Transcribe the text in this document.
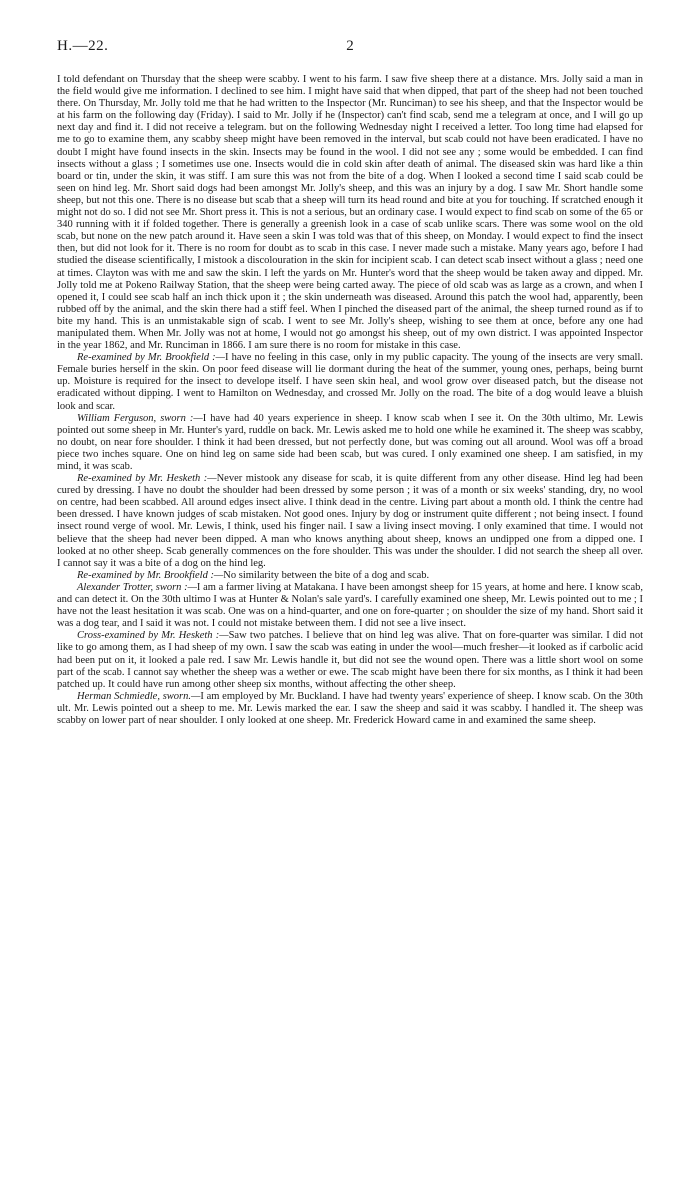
H.—22.	2

I told defendant on Thursday that the sheep were scabby. I went to his farm. I saw five sheep there at a distance. Mrs. Jolly said a man in the field would give me information. I declined to see him. I might have said that when dipped, that part of the sheep had not been touched there. On Thursday, Mr. Jolly told me that he had written to the Inspector (Mr. Runciman) to see his sheep, and that the Inspector would be at his farm on the following day (Friday). I said to Mr. Jolly if he (Inspector) can't find scab, send me a telegram at once, and I will go up next day and find it. I did not receive a telegram. but on the following Wednesday night I received a letter. Too long time had elapsed for me to go to examine them, any scabby sheep might have been removed in the interval, but scab could not have been eradicated. I have no doubt I might have found insects in the skin. Insects may be found in the wool. I did not see any ; some would be embedded. I can find insects without a glass ; I sometimes use one. Insects would die in cold skin after death of animal. The diseased skin was hard like a thin board or tin, under the skin, it was stiff. I am sure this was not from the bite of a dog. When I looked a second time I said scab could be seen on hind leg. Mr. Short said dogs had been amongst Mr. Jolly's sheep, and this was an injury by a dog. I saw Mr. Short handle some sheep, but not this one. There is no disease but scab that a sheep will turn its head round and bite at you for touching. If scratched enough it might not do so. I did not see Mr. Short press it. This is not a serious, but an ordinary case. I would expect to find scab on some of the 65 or 340 running with it if folded together. There is generally a greenish look in a case of scab unlike scars. There was some wool on the old scab, but none on the new patch around it. Have seen a skin I was told was that of this sheep, on Monday. I would expect to find the insect then, but did not look for it. There is no room for doubt as to scab in this case. I never made such a mistake. Many years ago, before I had studied the disease scientifically, I mistook a discolouration in the skin for incipient scab. I can detect scab insect without a glass ; need one at times. Clayton was with me and saw the skin. I left the yards on Mr. Hunter's word that the sheep would be taken away and dipped. Mr. Jolly told me at Pokeno Railway Station, that the sheep were being carted away. The piece of old scab was as large as a crown, and when I opened it, I could see scab half an inch thick upon it ; the skin underneath was diseased. Around this patch the wool had, apparently, been rubbed off by the animal, and the skin there had a stiff feel. When I pinched the diseased part of the animal, the sheep turned round as if to bite my hand. This is an unmistakable sign of scab. I went to see Mr. Jolly's sheep, wishing to see them at once, before any one had manipulated them. When Mr. Jolly was not at home, I would not go amongst his sheep, out of my own district. I was appointed Inspector in the year 1862, and Mr. Runciman in 1866. I am sure there is no room for mistake in this case.

Re-examined by Mr. Brookfield :—I have no feeling in this case, only in my public capacity. The young of the insects are very small. Female buries herself in the skin. On poor feed disease will lie dormant during the heat of the summer, young ones, perhaps, being burnt up. Moisture is required for the insect to develope itself. I have seen skin heal, and wool grow over diseased patch, but the disease not eradicated without dipping. I went to Hamilton on Wednesday, and crossed Mr. Jolly on the road. The bite of a dog would leave a bluish look and scar.

William Ferguson, sworn :—I have had 40 years experience in sheep. I know scab when I see it. On the 30th ultimo, Mr. Lewis pointed out some sheep in Mr. Hunter's yard, ruddle on back. Mr. Lewis asked me to hold one while he examined it. The sheep was scabby, no doubt, on near fore shoulder. I think it had been dressed, but not perfectly done, but was coming out all around. Wool was off a broad piece two inches square. One on hind leg on same side had been scab, but was cured. I only examined one sheep. I am satisfied, in my mind, it was scab.

Re-examined by Mr. Hesketh :—Never mistook any disease for scab, it is quite different from any other disease. Hind leg had been cured by dressing. I have no doubt the shoulder had been dressed by some person ; it was of a month or six weeks' standing, dry, no wool on centre, had been scabbed. All around edges insect alive. I think dead in the centre. Living part about a month old. I think the centre had been dressed. I have known judges of scab mistaken. Not good ones. Injury by dog or instrument quite different ; not being insect. I found insect round verge of wool. Mr. Lewis, I think, used his finger nail. I saw a living insect moving. I only examined that time. I would not believe that the sheep had never been dipped. A man who knows anything about sheep, knows an undipped one from a dipped one. I looked at no other sheep. Scab generally commences on the fore shoulder. This was under the shoulder. I did not search the sheep all over. I cannot say it was a bite of a dog on the hind leg.

Re-examined by Mr. Brookfield :—No similarity between the bite of a dog and scab.

Alexander Trotter, sworn :—I am a farmer living at Matakana. I have been amongst sheep for 15 years, at home and here. I know scab, and can detect it. On the 30th ultimo I was at Hunter & Nolan's sale yard's. I carefully examined one sheep, Mr. Lewis pointed out to me ; I have not the least hesitation it was scab. One was on a hind-quarter, and one on fore-quarter ; on shoulder the size of my hand. Short said it was a dog tear, and I said it was not. I could not mistake between them. I did not see a live insect.

Cross-examined by Mr. Hesketh :—Saw two patches. I believe that on hind leg was alive. That on fore-quarter was similar. I did not like to go among them, as I had sheep of my own. I saw the scab was eating in under the wool—much fresher—it looked as if carbolic acid had been put on it, it looked a pale red. I saw Mr. Lewis handle it, but did not see the wound open. There was a little short wool on some part of the scab. I cannot say whether the sheep was a wether or ewe. The scab might have been there for six months, as I think it had been patched up. It could have run among other sheep six months, without affecting the other sheep.

Herman Schmiedle, sworn.—I am employed by Mr. Buckland. I have had twenty years' experience of sheep. I know scab. On the 30th ult. Mr. Lewis pointed out a sheep to me. Mr. Lewis marked the ear. I saw the sheep and said it was scabby. I handled it. The sheep was scabby on lower part of near shoulder. I only looked at one sheep. Mr. Frederick Howard came in and examined the same sheep.
